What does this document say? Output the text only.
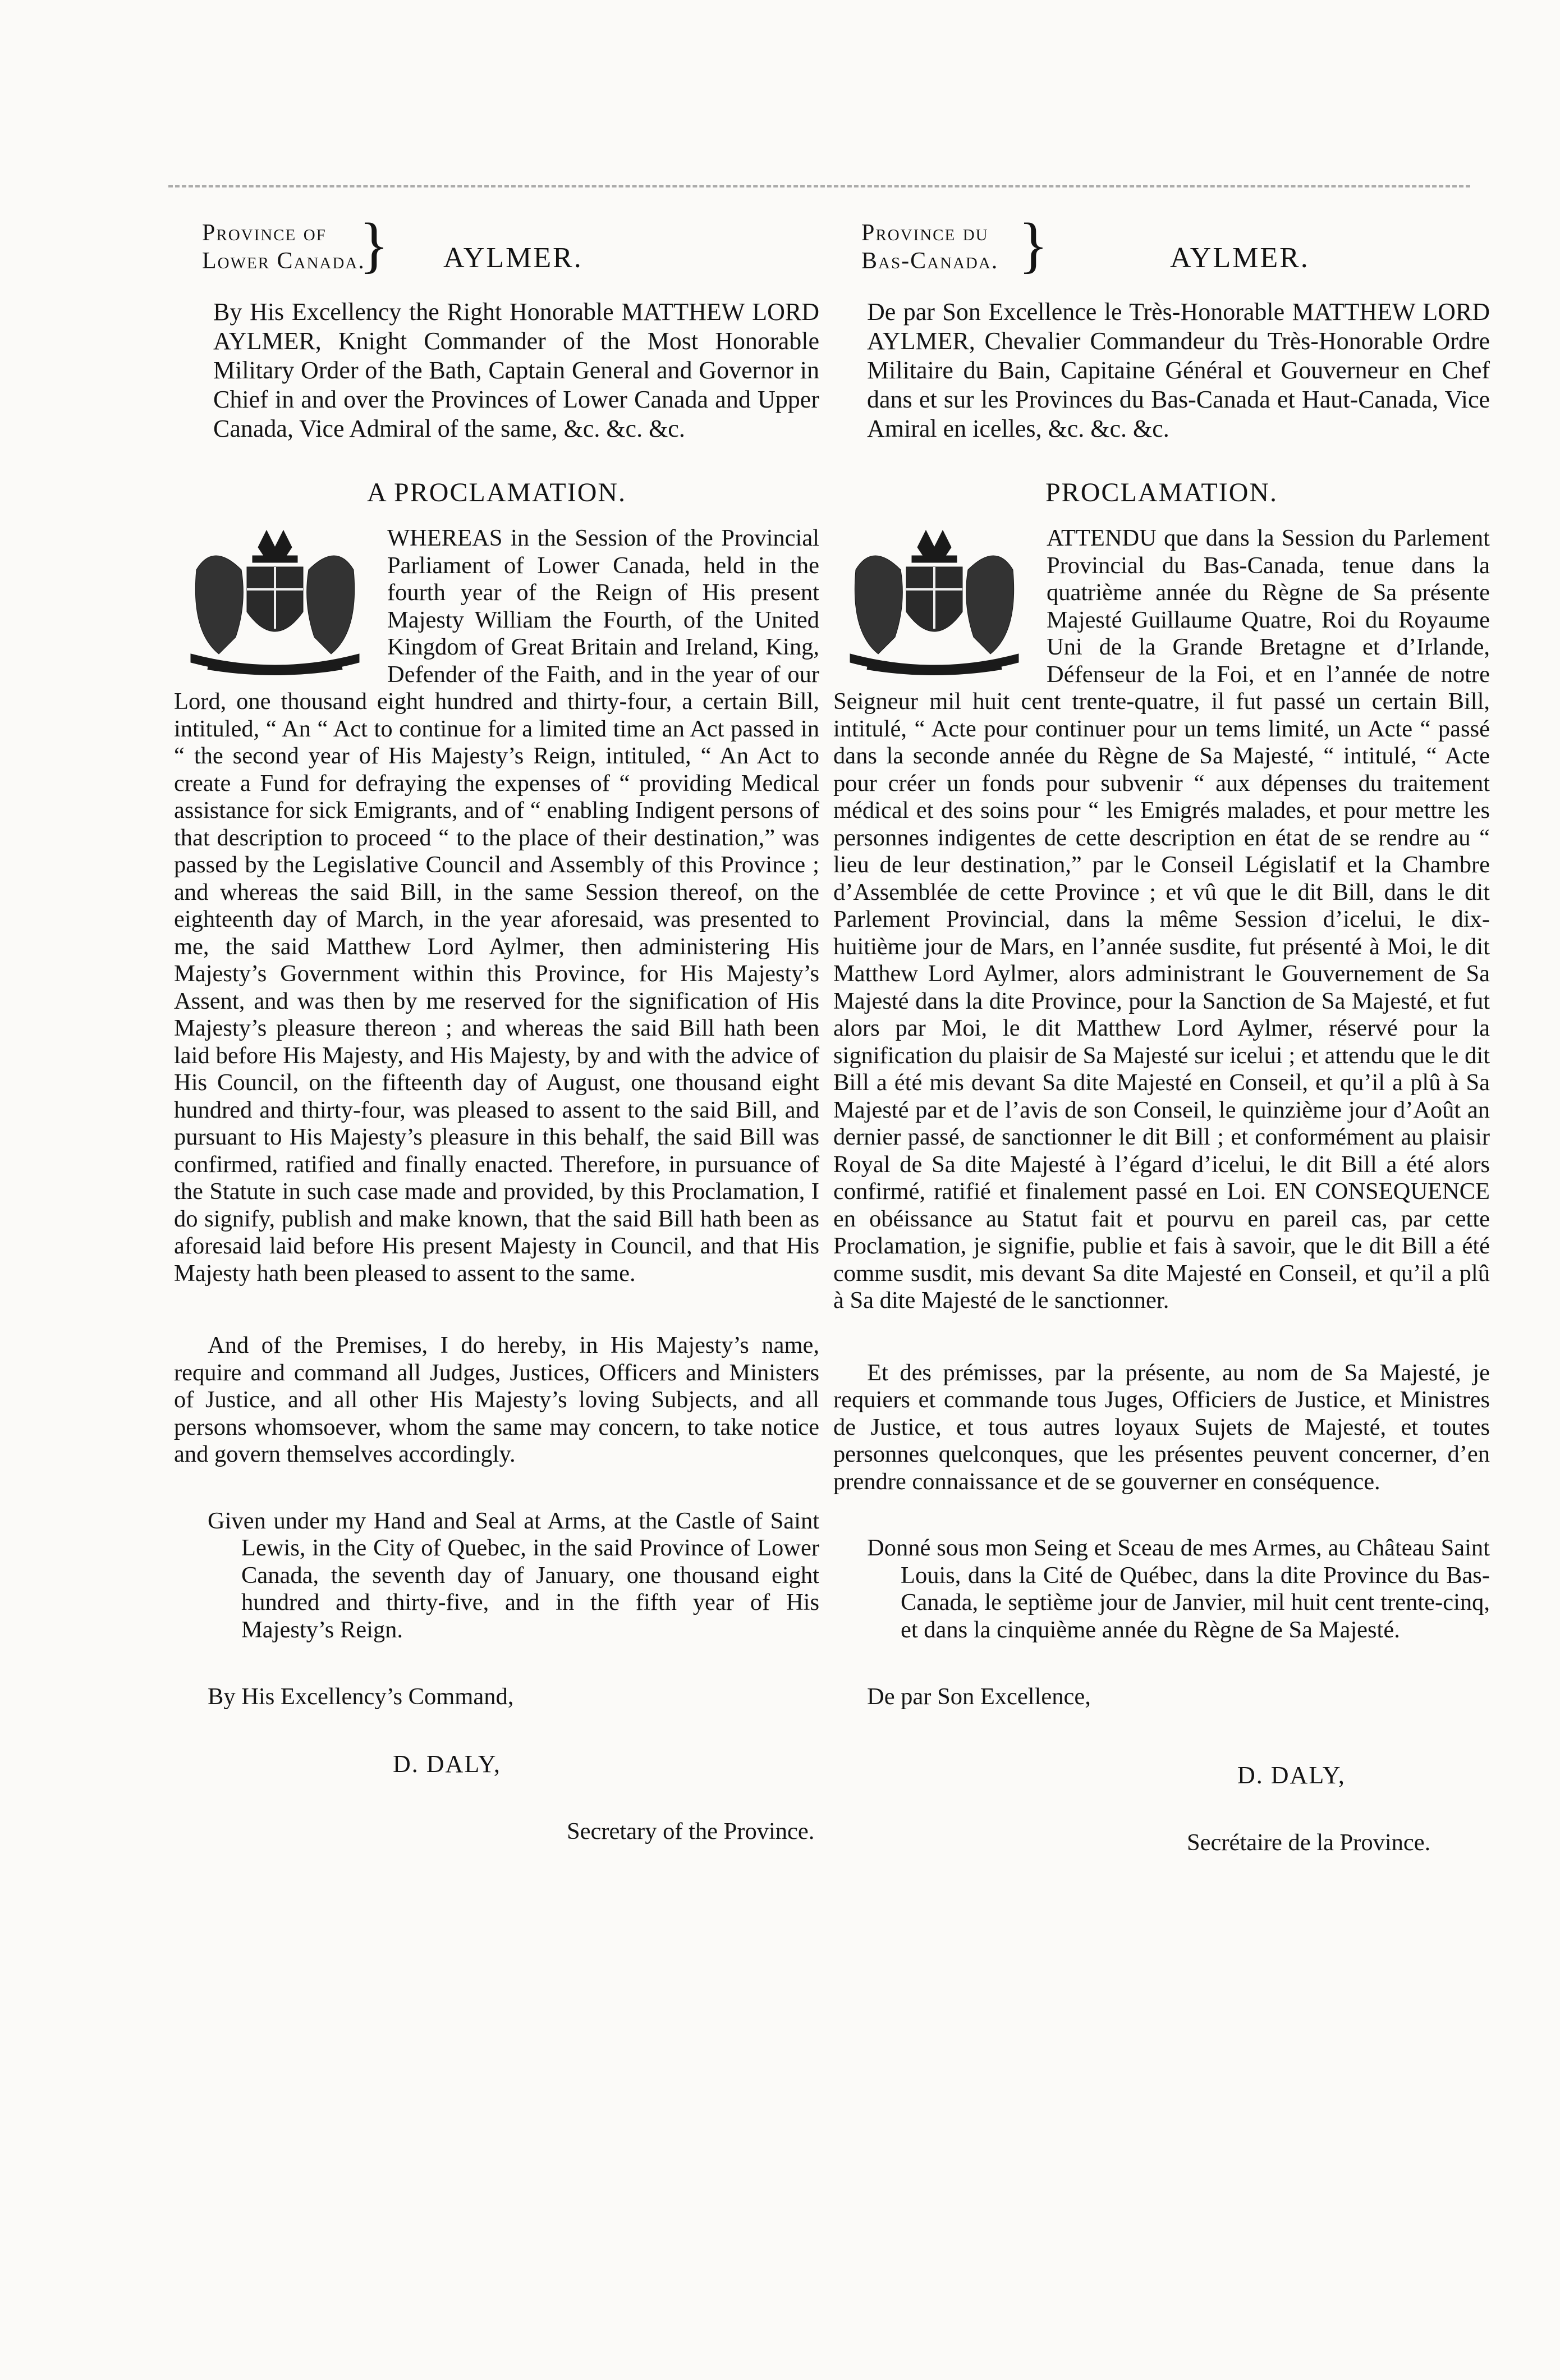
Province of
Lower Canada.
} AYLMER.

By His Excellency the Right Honorable MATTHEW LORD AYLMER, Knight Commander of the Most Honorable Military Order of the Bath, Captain General and Governor in Chief in and over the Provinces of Lower Canada and Upper Canada, Vice Admiral of the same, &c. &c. &c.

A PROCLAMATION.
WHEREAS in the Session of the Provincial Parliament of Lower Canada, held in the fourth year of the Reign of His present Majesty William the Fourth, of the United Kingdom of Great Britain and Ireland, King, Defender of the Faith, and in the year of our Lord, one thousand eight hundred and thirty-four, a certain Bill, intituled, “ An “ Act to continue for a limited time an Act passed in “ the second year of His Majesty’s Reign, intituled, “ An Act to create a Fund for defraying the expenses of “ providing Medical assistance for sick Emigrants, and of “ enabling Indigent persons of that description to proceed “ to the place of their destination,” was passed by the Legislative Council and Assembly of this Province ; and whereas the said Bill, in the same Session thereof, on the eighteenth day of March, in the year aforesaid, was presented to me, the said Matthew Lord Aylmer, then administering His Majesty’s Government within this Province, for His Majesty’s Assent, and was then by me reserved for the signification of His Majesty’s pleasure thereon ; and whereas the said Bill hath been laid before His Majesty, and His Majesty, by and with the advice of His Council, on the fifteenth day of August, one thousand eight hundred and thirty-four, was pleased to assent to the said Bill, and pursuant to His Majesty’s pleasure in this behalf, the said Bill was confirmed, ratified and finally enacted. Therefore, in pursuance of the Statute in such case made and provided, by this Proclamation, I do signify, publish and make known, that the said Bill hath been as aforesaid laid before His present Majesty in Council, and that His Majesty hath been pleased to assent to the same.

And of the Premises, I do hereby, in His Majesty’s name, require and command all Judges, Justices, Officers and Ministers of Justice, and all other His Majesty’s loving Subjects, and all persons whomsoever, whom the same may concern, to take notice and govern themselves accordingly.

Given under my Hand and Seal at Arms, at the Castle of Saint Lewis, in the City of Quebec, in the said Province of Lower Canada, the seventh day of January, one thousand eight hundred and thirty-five, and in the fifth year of His Majesty’s Reign.

By His Excellency’s Command,
D. DALY,
Secretary of the Province.
Province du
Bas-Canada. }	AYLMER.

De par Son Excellence le Très-Honorable MATTHEW LORD AYLMER, Chevalier Commandeur du Très-Honorable Ordre Militaire du Bain, Capitaine Général et Gouverneur en Chef dans et sur les Provinces du Bas-Canada et Haut-Canada, Vice Amiral en icelles, &c. &c. &c.

PROCLAMATION.
ATTENDU que dans la Session du Parlement Provincial du Bas-Canada, tenue dans la quatrième année du Règne de Sa présente Majesté Guillaume Quatre, Roi du Royaume Uni de la Grande Bretagne et d’Irlande, Défenseur de la Foi, et en l’année de notre Seigneur mil huit cent trente-quatre, il fut passé un certain Bill, intitulé, “ Acte pour continuer pour un tems limité, un Acte “ passé dans la seconde année du Règne de Sa Majesté, “ intitulé, “ Acte pour créer un fonds pour subvenir “ aux dépenses du traitement médical et des soins pour “ les Emigrés malades, et pour mettre les personnes indigentes de cette description en état de se rendre au “ lieu de leur destination,” par le Conseil Législatif et la Chambre d’Assemblée de cette Province ; et vû que le dit Bill, dans le dit Parlement Provincial, dans la même Session d’icelui, le dix-huitième jour de Mars, en l’année susdite, fut présenté à Moi, le dit Matthew Lord Aylmer, alors administrant le Gouvernement de Sa Majesté dans la dite Province, pour la Sanction de Sa Majesté, et fut alors par Moi, le dit Matthew Lord Aylmer, réservé pour la signification du plaisir de Sa Majesté sur icelui ; et attendu que le dit Bill a été mis devant Sa dite Majesté en Conseil, et qu’il a plû à Sa Majesté par et de l’avis de son Conseil, le quinzième jour d’Août an dernier passé, de sanctionner le dit Bill ; et conformément au plaisir Royal de Sa dite Majesté à l’égard d’icelui, le dit Bill a été alors confirmé, ratifié et finalement passé en Loi. EN CONSEQUENCE en obéissance au Statut fait et pourvu en pareil cas, par cette Proclamation, je signifie, publie et fais à savoir, que le dit Bill a été comme susdit, mis devant Sa dite Majesté en Conseil, et qu’il a plû à Sa dite Majesté de le sanctionner.

Et des prémisses, par la présente, au nom de Sa Majesté, je requiers et commande tous Juges, Officiers de Justice, et Ministres de Justice, et tous autres loyaux Sujets de Majesté, et toutes personnes quelconques, que les présentes peuvent concerner, d’en prendre connaissance et de se gouverner en conséquence.

Donné sous mon Seing et Sceau de mes Armes, au Château Saint Louis, dans la Cité de Québec, dans la dite Province du Bas-Canada, le septième jour de Janvier, mil huit cent trente-cinq, et dans la cinquième année du Règne de Sa Majesté.

De par Son Excellence,
D. DALY,
Secrétaire de la Province.
